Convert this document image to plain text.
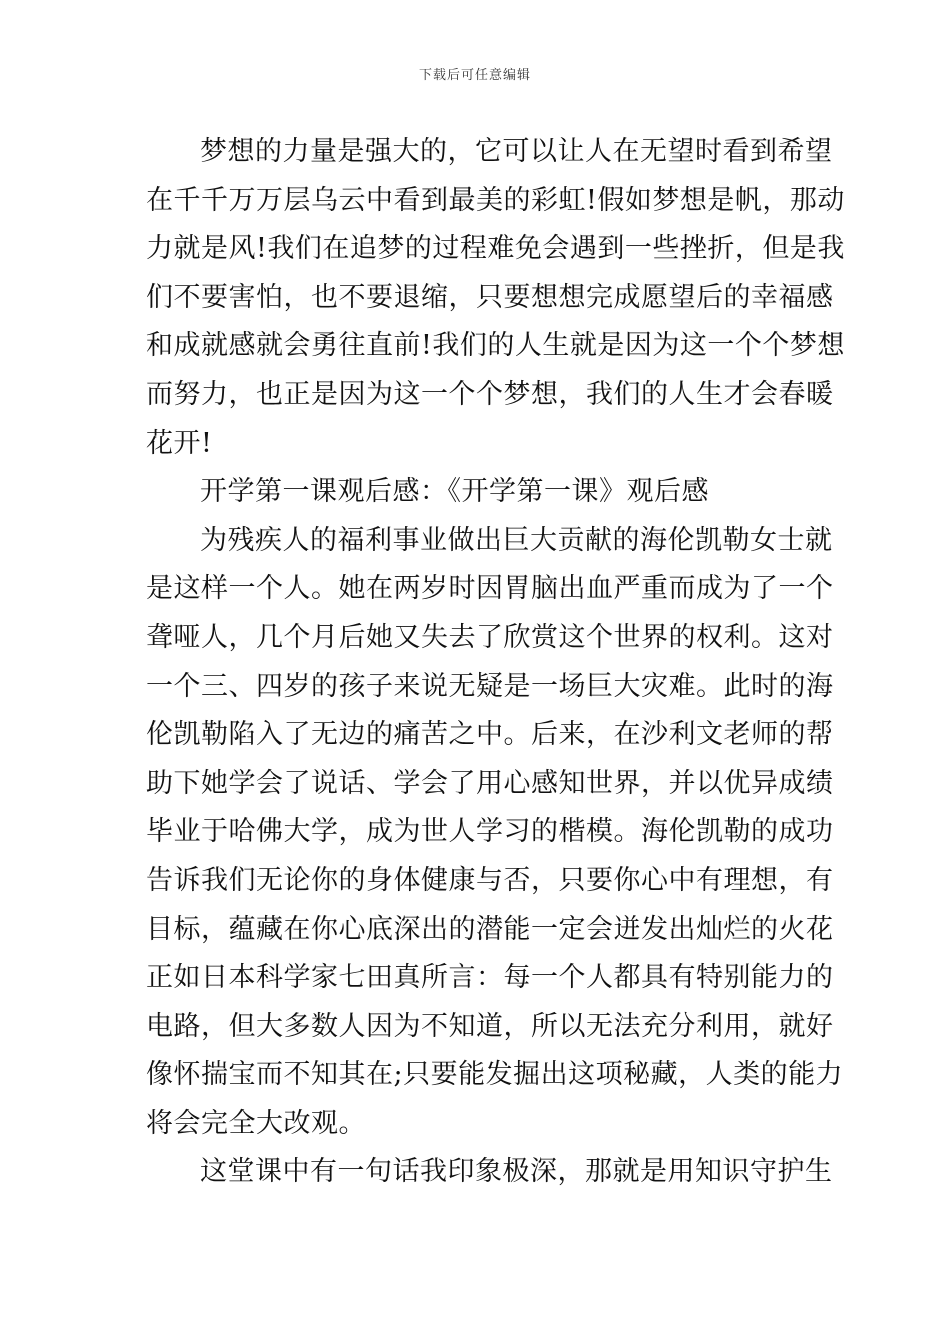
下载后可任意编辑
梦想的力量是强大的，它可以让人在无望时看到希望
在千千万万层乌云中看到最美的彩虹!假如梦想是帆，那动
力就是风!我们在追梦的过程难免会遇到一些挫折，但是我
们不要害怕，也不要退缩，只要想想完成愿望后的幸福感
和成就感就会勇往直前!我们的人生就是因为这一个个梦想
而努力，也正是因为这一个个梦想，我们的人生才会春暖
花开!
开学第一课观后感：《开学第一课》观后感
为残疾人的福利事业做出巨大贡献的海伦凯勒女士就
是这样一个人。她在两岁时因胃脑出血严重而成为了一个
聋哑人，几个月后她又失去了欣赏这个世界的权利。这对
一个三、四岁的孩子来说无疑是一场巨大灾难。此时的海
伦凯勒陷入了无边的痛苦之中。后来，在沙利文老师的帮
助下她学会了说话、学会了用心感知世界，并以优异成绩
毕业于哈佛大学，成为世人学习的楷模。海伦凯勒的成功
告诉我们无论你的身体健康与否，只要你心中有理想，有
目标，蕴藏在你心底深出的潜能一定会迸发出灿烂的火花
正如日本科学家七田真所言：每一个人都具有特别能力的
电路，但大多数人因为不知道，所以无法充分利用，就好
像怀揣宝而不知其在;只要能发掘出这项秘藏，人类的能力
将会完全大改观。
这堂课中有一句话我印象极深，那就是用知识守护生
